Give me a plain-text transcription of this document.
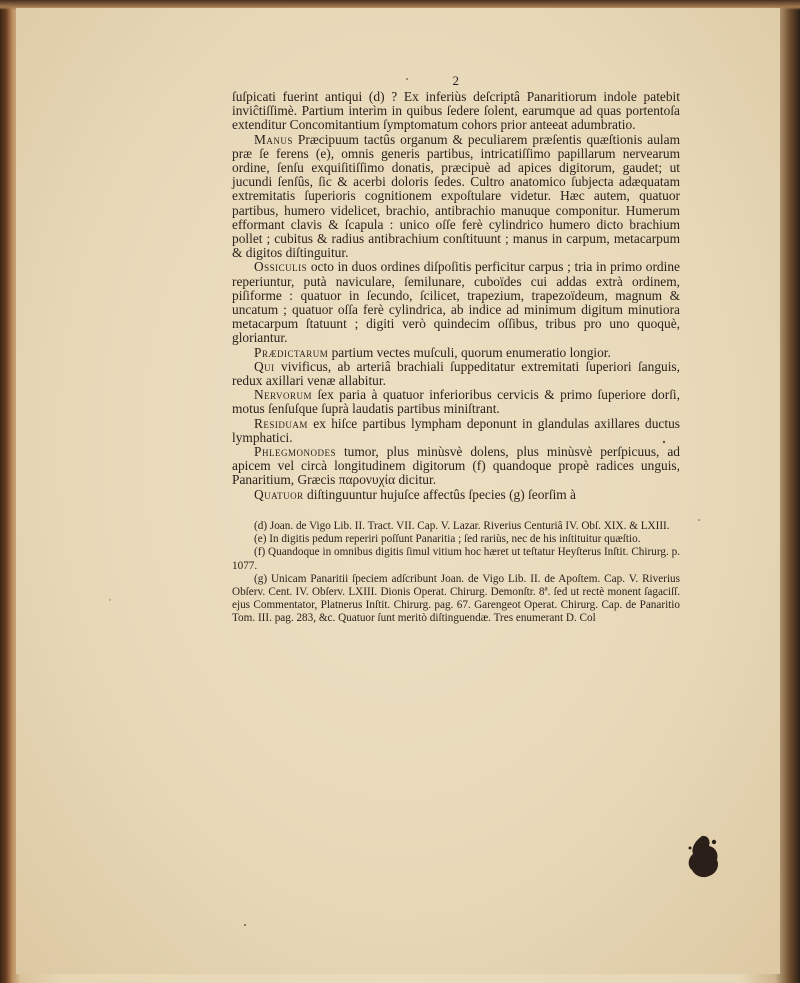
2

ſuſpicati fuerint antiqui (d) ? Ex inferiùs deſcriptâ Panaritiorum indole patebit inviĉtiſſimè. Partium interìm in quibus ſedere ſolent, earumque ad quas portentoſa extenditur Concomitantium ſymptomatum cohors prior anteeat adumbratio.

Manus Præcipuum tactûs organum & peculiarem præſentis quæſtionis aulam præ ſe ferens (e), omnis generis partibus, intricatiſſimo papillarum nervearum ordine, ſenſu exquiſitiſſimo donatis, præcipuè ad apices digitorum, gaudet; ut jucundi ſenſûs, ſic & acerbi doloris ſedes. Cultro anatomico ſubjecta adæquatam extremitatis ſuperioris cognitionem expoſtulare videtur. Hæc autem, quatuor partibus, humero videlicet, brachio, antibrachio manuque componitur. Humerum efformant clavis & ſcapula : unico oſſe ferè cylindrico humero dicto brachium pollet ; cubitus & radius antibrachium conſtituunt ; manus in carpum, metacarpum & digitos diſtinguitur.

Ossiculis octo in duos ordines diſpoſitis perficitur carpus ; tria in primo ordine reperiuntur, putà naviculare, ſemilunare, cuboïdes cui addas extrà ordinem, piſiforme : quatuor in ſecundo, ſcilicet, trapezium, trapezoïdeum, magnum & uncatum ; quatuor oſſa ferè cylindrica, ab indice ad minimum digitum minutiora metacarpum ſtatuunt ; digiti verò quindecim oſſibus, tribus pro uno quoquè, gloriantur.

Prædictarum partium vectes muſculi, quorum enumeratio longior.

Qui vivificus, ab arteriâ brachiali ſuppeditatur extremitati ſuperiori ſanguis, redux axillari venæ allabitur.

Nervorum ſex paria à quatuor inferioribus cervicis & primo ſuperiore dorſi, motus ſenſuſque ſuprà laudatis partibus miniſtrant.

Residuam ex hiſce partibus lympham deponunt in glandulas axillares ductus lymphatici.

Phlegmonodes tumor, plus minùsvè dolens, plus minùsvè perſpicuus, ad apicem vel circà longitudinem digitorum (f) quandoque propè radices unguis, Panaritium, Græcis παρονυχία dicitur.

Quatuor diſtinguuntur hujuſce affectûs ſpecies (g) ſeorſim à

(d) Joan. de Vigo Lib. II. Tract. VII. Cap. V. Lazar. Riverius Centuriâ IV. Obſ. XIX. & LXIII.

(e) In digitis pedum reperiri poſſunt Panaritia ; ſed rariùs, nec de his inſtituitur quæſtio.

(f) Quandoque in omnibus digitis ſimul vitium hoc hæret ut teſtatur Heyſterus Inſtit. Chirurg. p. 1077.

(g) Unicam Panaritii ſpeciem adſcribunt Joan. de Vigo Lib. II. de Apoſtem. Cap. V. Riverius Obſerv. Cent. IV. Obſerv. LXIII. Dionis Operat. Chirurg. Demonſtr. 8ª. ſed ut rectè monent ſagaciſſ. ejus Commentator, Platnerus Inſtit. Chirurg. pag. 67. Garengeot Operat. Chirurg. Cap. de Panaritio Tom. III. pag. 283, &c. Quatuor ſunt meritò diſtinguendæ. Tres enumerant D. Col
